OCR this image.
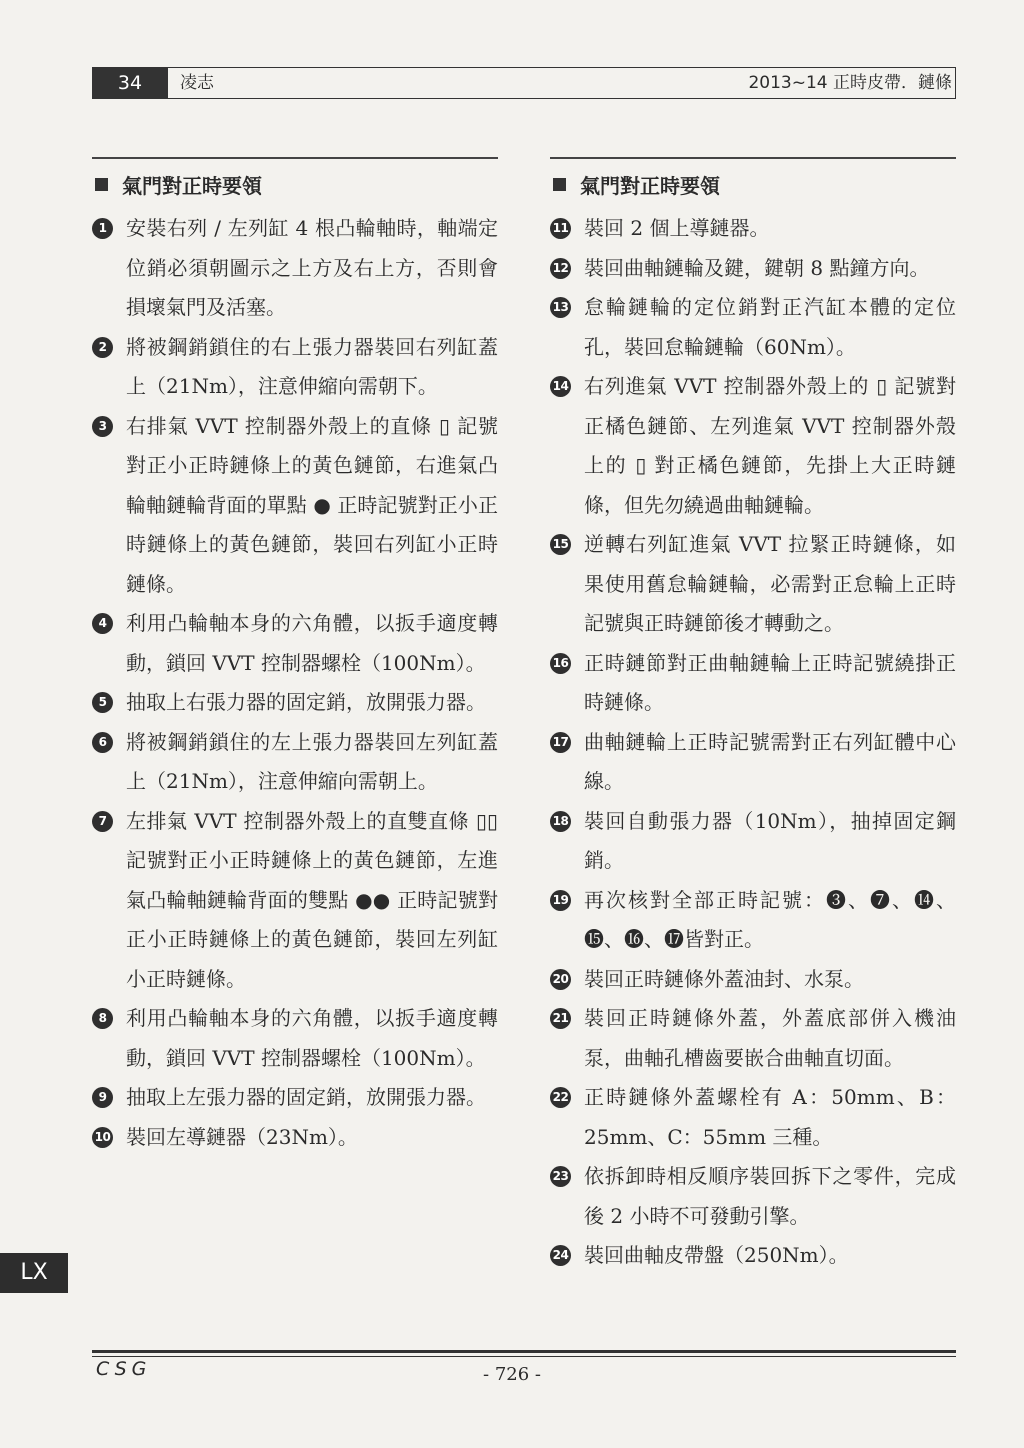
34	凌志	2013~14 正時皮帶．鏈條
氣門對正時要領
1 安裝右列 / 左列缸 4 根凸輪軸時，軸端定位銷必須朝圖示之上方及右上方，否則會損壞氣門及活塞。
2 將被鋼銷鎖住的右上張力器裝回右列缸蓋上（21Nm），注意伸縮向需朝下。
3 右排氣 VVT 控制器外殼上的直條 ▯ 記號對正小正時鏈條上的黃色鏈節，右進氣凸輪軸鏈輪背面的單點 ● 正時記號對正小正時鏈條上的黃色鏈節，裝回右列缸小正時鏈條。
4 利用凸輪軸本身的六角體，以扳手適度轉動，鎖回 VVT 控制器螺栓（100Nm）。
5 抽取上右張力器的固定銷，放開張力器。
6 將被鋼銷鎖住的左上張力器裝回左列缸蓋上（21Nm），注意伸縮向需朝上。
7 左排氣 VVT 控制器外殼上的直雙直條 ▯▯ 記號對正小正時鏈條上的黃色鏈節，左進氣凸輪軸鏈輪背面的雙點 ●● 正時記號對正小正時鏈條上的黃色鏈節，裝回左列缸小正時鏈條。
8 利用凸輪軸本身的六角體，以扳手適度轉動，鎖回 VVT 控制器螺栓（100Nm）。
9 抽取上左張力器的固定銷，放開張力器。
10 裝回左導鏈器（23Nm）。
氣門對正時要領
11 裝回 2 個上導鏈器。
12 裝回曲軸鏈輪及鍵，鍵朝 8 點鐘方向。
13 怠輪鏈輪的定位銷對正汽缸本體的定位孔，裝回怠輪鏈輪（60Nm）。
14 右列進氣 VVT 控制器外殼上的 ▯ 記號對正橘色鏈節、左列進氣 VVT 控制器外殼上的 ▯ 對正橘色鏈節，先掛上大正時鏈條，但先勿繞過曲軸鏈輪。
15 逆轉右列缸進氣 VVT 拉緊正時鏈條，如果使用舊怠輪鏈輪，必需對正怠輪上正時記號與正時鏈節後才轉動之。
16 正時鏈節對正曲軸鏈輪上正時記號繞掛正時鏈條。
17 曲軸鏈輪上正時記號需對正右列缸體中心線。
18 裝回自動張力器（10Nm），抽掉固定鋼銷。
19 再次核對全部正時記號：❸、❼、⓮、⓯、⓰、⓱皆對正。
20 裝回正時鏈條外蓋油封、水泵。
21 裝回正時鏈條外蓋，外蓋底部併入機油泵，曲軸孔槽齒要嵌合曲軸直切面。
22 正時鏈條外蓋螺栓有 A：50mm、B：25mm、C：55mm 三種。
23 依拆卸時相反順序裝回拆下之零件，完成後 2 小時不可發動引擎。
24 裝回曲軸皮帶盤（250Nm）。
LX
CSG	- 726 -
